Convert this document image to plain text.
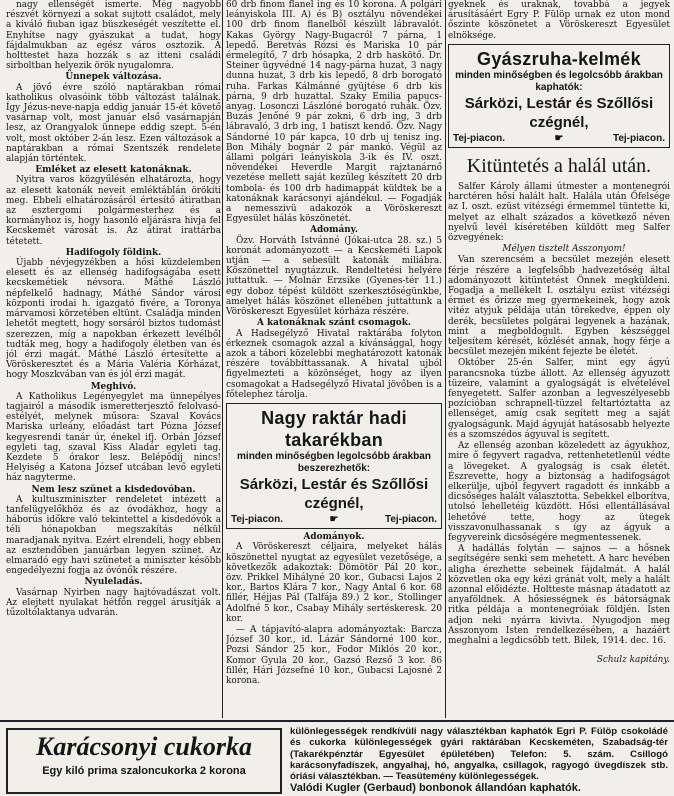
nagy ellenségét ismerte. Még nagyobb részvét környezi a sokat sujtott családot, mely a kiváló fiuban igaz büszkeségét veszítette el. Enyhítse nagy gyászukat a tudat, hogy fájdalmukban az egész város osztozik. A holttestet haza hozzák s az itteni családi sirboltban helyezik örök nyugalomra.

Ünnepek változása.

A jövő évre szóló naptárakban római katholikus olvasóink több változást találnak. Így Jézus-neve-napja eddig január 15-ét követő vasárnap volt, most január első vasárnapján lesz, az Orangyalok ünnepe eddig szept. 5-én volt, most október 2-án lesz. Ezen változások a naptárakban a római Szentszék rendelete alapján történtek.

Emléket az elesett katonáknak.

Nyitra varos közgyűlésén elhatározta, hogy az elesett katonák neveit emléktáblán örökíti meg. Ebbeli elhatározásáról értesítő átiratban az esztergomi polgármesterhez és a kormányhoz is, hogy hasonló eljárásra hivja fel Kecskemét városát is. Az átirat irattárba tétetett.

Hadifogoly földink.

Újabb névjegyzékben a hősi küzdelemben elesett és az ellenség hadifogságába esett kecskemétiek névsora. Máthé László népfelkelő hadnagy, Máthé Sándor városi központi irodai h. igazgató fivére, a Toronya márvamosi körzetében eltünt. Családja minden lehetőt megtett, hogy sorsáról biztos tudomást szerezzen, míg a napokban érkezett levélből tudták meg, hogy a hadifogoly életben van és jól érzi magát. Máthé László értesítette a Vöröskeresztet és a Mária Valéria Kórházat, hogy Moszkvában van és jól érzi magát.

Meghivó.

A Katholikus Legényegylet ma ünnepélyes tagjairól a második ismeretterjesztő felolvasó-estélyét, melynek műsora: Szaval Kovács Mariska urleány, előadást tart Pózna József kegyesrendi tanár úr, énekel ifj. Orbán József egyleti tag, szaval Kiss Aladár egyleti tag. Kezdete 5 órakor lesz. Belépődíj nincs! Helyiség a Katona József utcában levő egyleti ház nagyterme.

Nem lesz szünet a kisdedovóban.

A kultuszminiszter rendeletet intézett a tanfelügyelőkhöz és az óvodákhoz, hogy a háborús időkre való tekintettel a kisdedóvók a téli hónapokban megszakítás nélkül maradjanak nyitva. Ezért elrendeli, hogy ebben az esztendőben januárban legyen szünet. Az elmaradó egy havi szünetet a miniszter késöbb engedélyezni fogja az óvónők részére.

Nyuleladás.

Vasárnap Nyirben nagy hajtóvadászat volt. Az elejtett nyulakat hétfőn reggel árusítják a tűzoltólaktanya udvarán.

60 drb finom flanel ing és 10 korona. A polgári leányiskola III. A) és B) osztályu növendékei 100 drb finom flanelből készült lábravalót. Kakas György Nagy-Bugacról 7 párna, 1 lepedő. Beretvás Rózsi és Mariska 10 pár érmelegítő, 7 drb hósapka, 2 drb haskötő. Dr. Steiner ügyvédné 14 nagy-párna huzat, 3 nagy dunna huzat, 3 drb kis lepedő, 8 drb borogató ruha. Farkas Kálmánné gyüjtése 6 drb kis párna, 9 drb huzattal. Szaky Emilia papucs-anyag. Losonczi Lászlóné borogató ruhák. Özv. Buzás Jenőné 9 pár zokni, 6 drb ing, 3 drb lábravaló, 3 drb ing, 1 batiszt kendő. Özv. Nagy Sándorné 10 pár kapca, 10 drb uj tenisz ing. Bon Mihály bognár 2 pár mankó. Végül az állami polgári leányiskola 3-ik és IV. oszt. növendékei Heverdle Margit rajztanárnő vezetése mellett saját kezűleg készített 20 drb tombola- és 100 drb hadimappát küldtek be a katonáknak karácsonyi ajándékul. — Fogadják a nemesszivü adakozók a Vöröskereszt Egyesület hálás köszönetét.

Adomány.

Özv. Horváth Istvánné (Jókai-utca 28. sz.) 5 koronát adományozott — a Kecskeméti Lapok utján — a sebesült katonák miliábra. Köszönettel nyugtázzuk. Rendeltetési helyére juttattuk. — Molnár Erzsike (Gyenes-tér 11.) egy doboz tépést küldött szerkesztőségünkbe, amelyet hálás köszönet ellenében juttattunk a Vöröskereszt Egyesület kórháza részére.

A katonáknak szánt csomagok.

A Hadsegélyző Hivatal raktárába folyton érkeznek csomagok azzal a kívánsággal, hogy azok a tábori közelebbi meghatározott katonák részére továbbíttassanak. A hivatal ujból figyelmezteti a közönséget, hogy az ilyen csomagokat a Hadsegélyző Hivatal jövőben is a főtelephez tárolja.

Nagy raktár hadi takarékban
minden minőségben legolcsóbb árakban beszerezhetők:
Sárközi, Lestár és Szőllősi czégnél,
Tej-piacon.	☛	Tej-piacon.
Adományok.

A Vöröskereszt céljaira, melyeket hálás köszönettel nyugtat az egyesület vezetősége, a következők adakoztak: Dömötör Pál 20 kor., özv. Prikkel Mihályné 20 kor., Gubacsi Lajos 2 kor., Bartos Klára 7 kor., Nagy Antal 6 kor. 68 fillér, Héjjas Pál (Talfája 89.) 2 kor., Stollinger Adolfné 5 kor., Csabay Mihály sertéskeresk. 20 kor.

— A tápjavító-alapra adományoztak: Barcza József 30 kor., id. Lázár Sándorné 100 kor., Pozsi Sándor 25 kor., Fodor Miklós 20 kor., Komor Gyula 20 kor., Gazsó Rezső 3 kor. 86 fillér, Hári Józsefné 10 kor., Gubacsi Lajosné 2 korona.

gyeknek és uraknak, tovabbá a jegyek árusításáért Egry P. Fülöp urnak ez uton mond őszinte köszönetet a Vöröskereszt Egyesület elnöksége.

Gyászruha-kelmék
minden minőségben és legolcsóbb árakban kaphatók:
Sárközi, Lestár és Szőllősi czégnél,
Tej-piacon.	☛	Tej-piacon.
Kitüntetés a halál után.

Salfer Károly állami útmester a montenegrói harctéren hősi halált halt. Halála után Őfelsége az I. oszt. ezüst vitézségi érmemmel tüntette ki, melyet az elhalt százados a következő néven nyelvű levél kíséretében küldött meg Salfer özvegyének:

Mélyen tisztelt Asszonyom!

Van szerencsém a becsület mezején elesett férje részére a legfelsőbb hadvezetőség által adományozott kitüntetést Önnek megküldeni. Fogadja a mellékelt I. osztályu ezüst vitézségi érmet és őrizze meg gyermekeinek, hogy azok vitéz atyjuk példája után törekedve, éppen oly derék, becsületes polgárai legyenek a hazának, mint a megboldogult. Egyben készséggel teljesítem kérését, közlését annak, hogy férje a becsület mezején miként fejezte be életét.

Október 25-én Salfer, mint egy ágyú parancsnoka túzbe állott. Az ellenség ágyuzott tüzeire, valamint a gyalogságát is elvételével fenyegetett. Salfer azonban a legveszélyesebb pozícióban schrapnell-tüzzel feltartóztatta az ellenséget, amíg csak segített meg a saját gyalogságunk. Majd ágyuját hatásosabb helyezte és a szomszédos ágyuval is segített.

Az ellenség azonban közeledett az ágyukhoz, mire ő fegyvert ragadva, rettenhetetlenül védte a lövegeket. A gyalogság is csak életét. Észrevette, hogy a biztonság a hadifogságot elkerülje, ujból fegyvert ragadott és innkább a dicsőséges halált választotta. Sebekkel elborítva, utolsó lehelletéig küzdött. Hősi ellentállásával lehetővé tette, hogy az ütegek visszavonulhassanak s így az ágyuk a fegyvereink dicsőségére megmentessenek.

A hadállás folytán — sajnos — a hősnek segítségére senki sem mehetett. A harc hevében aligha érezhette sebeinek fájdalmát. A halál közvetlen oka egy kézi gránát volt, mely a halált azonnal előidézte. Holtteste másnap átadatott az anyaföldnek. A hősiességnek és bátorságnak ritka példája a montenegróiak földjén. Isten adjon neki nyárra kivivta. Nyugodjon meg Asszonyom Isten rendelkezésében, a hazáért meghalni a legdicsőbb tett. Bilek, 1914. dec. 16.

Schulz kapitány.

Karácsonyi cukorka
Egy kiló prima szaloncukorka 2 korona
különlegességek rendkívüli nagy választékban kaphatók Egri P. Fülöp csokoládé és cukorka különlegességek gyári raktárában Kecskeméten, Szabadság-tér (Takarékpénztár Egyesület épületében) Telefon: 5. szám. Csillogó karácsonyfadíszek, angyalhaj, hó, angyalka, csillagok, ragyogó üvegdíszek stb. óriási választékban. — Teasütemény különlegességek.
Valódi Kugler (Gerbaud) bonbonok állandóan kaphatók.
